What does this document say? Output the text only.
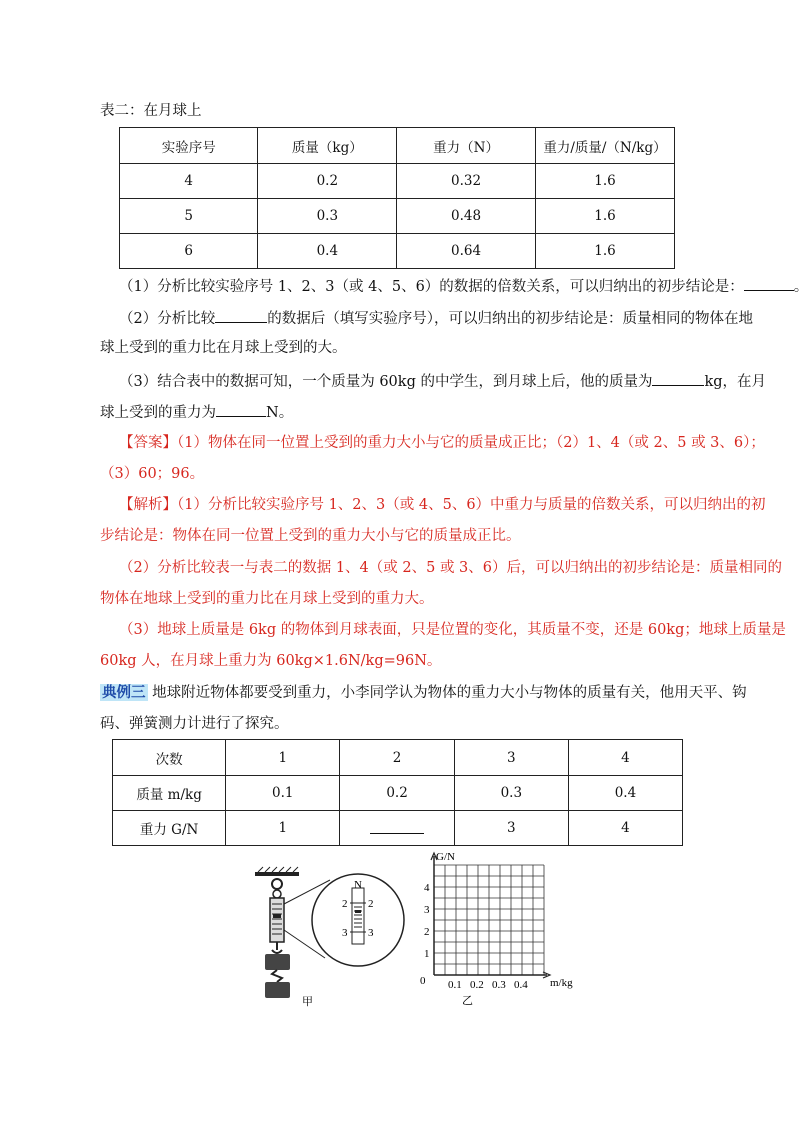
表二：在月球上
实验序号	质量（kg）	重力（N）	重力/质量/（N/kg）
4	0.2	0.32	1.6
5	0.3	0.48	1.6
6	0.4	0.64	1.6
（1）分析比较实验序号 1、2、3（或 4、5、6）的数据的倍数关系，可以归纳出的初步结论是：	。
（2）分析比较	的数据后（填写实验序号），可以归纳出的初步结论是：质量相同的物体在地
球上受到的重力比在月球上受到的大。
（3）结合表中的数据可知，一个质量为 60kg 的中学生，到月球上后，他的质量为	kg，在月
球上受到的重力为	N。
【答案】（1）物体在同一位置上受到的重力大小与它的质量成正比；（2）1、4（或 2、5 或 3、6）；
（3）60；96。
【解析】（1）分析比较实验序号 1、2、3（或 4、5、6）中重力与质量的倍数关系，可以归纳出的初
步结论是：物体在同一位置上受到的重力大小与它的质量成正比。
（2）分析比较表一与表二的数据 1、4（或 2、5 或 3、6）后，可以归纳出的初步结论是：质量相同的
物体在地球上受到的重力比在月球上受到的重力大。
（3）地球上质量是 6kg 的物体到月球表面，只是位置的变化，其质量不变，还是 60kg；地球上质量是
60kg 人，在月球上重力为 60kg×1.6N/kg=96N。
典例三 地球附近物体都要受到重力，小李同学认为物体的重力大小与物体的质量有关，他用天平、钩
码、弹簧测力计进行了探究。
次数	1	2	3	4
质量 m/kg	0.1	0.2	0.3	0.4
重力 G/N	1		3	4
N
2 2
3 3
甲
G/N
m/kg
0
1
2
3
4
0.1 0.2 0.3 0.4
乙
